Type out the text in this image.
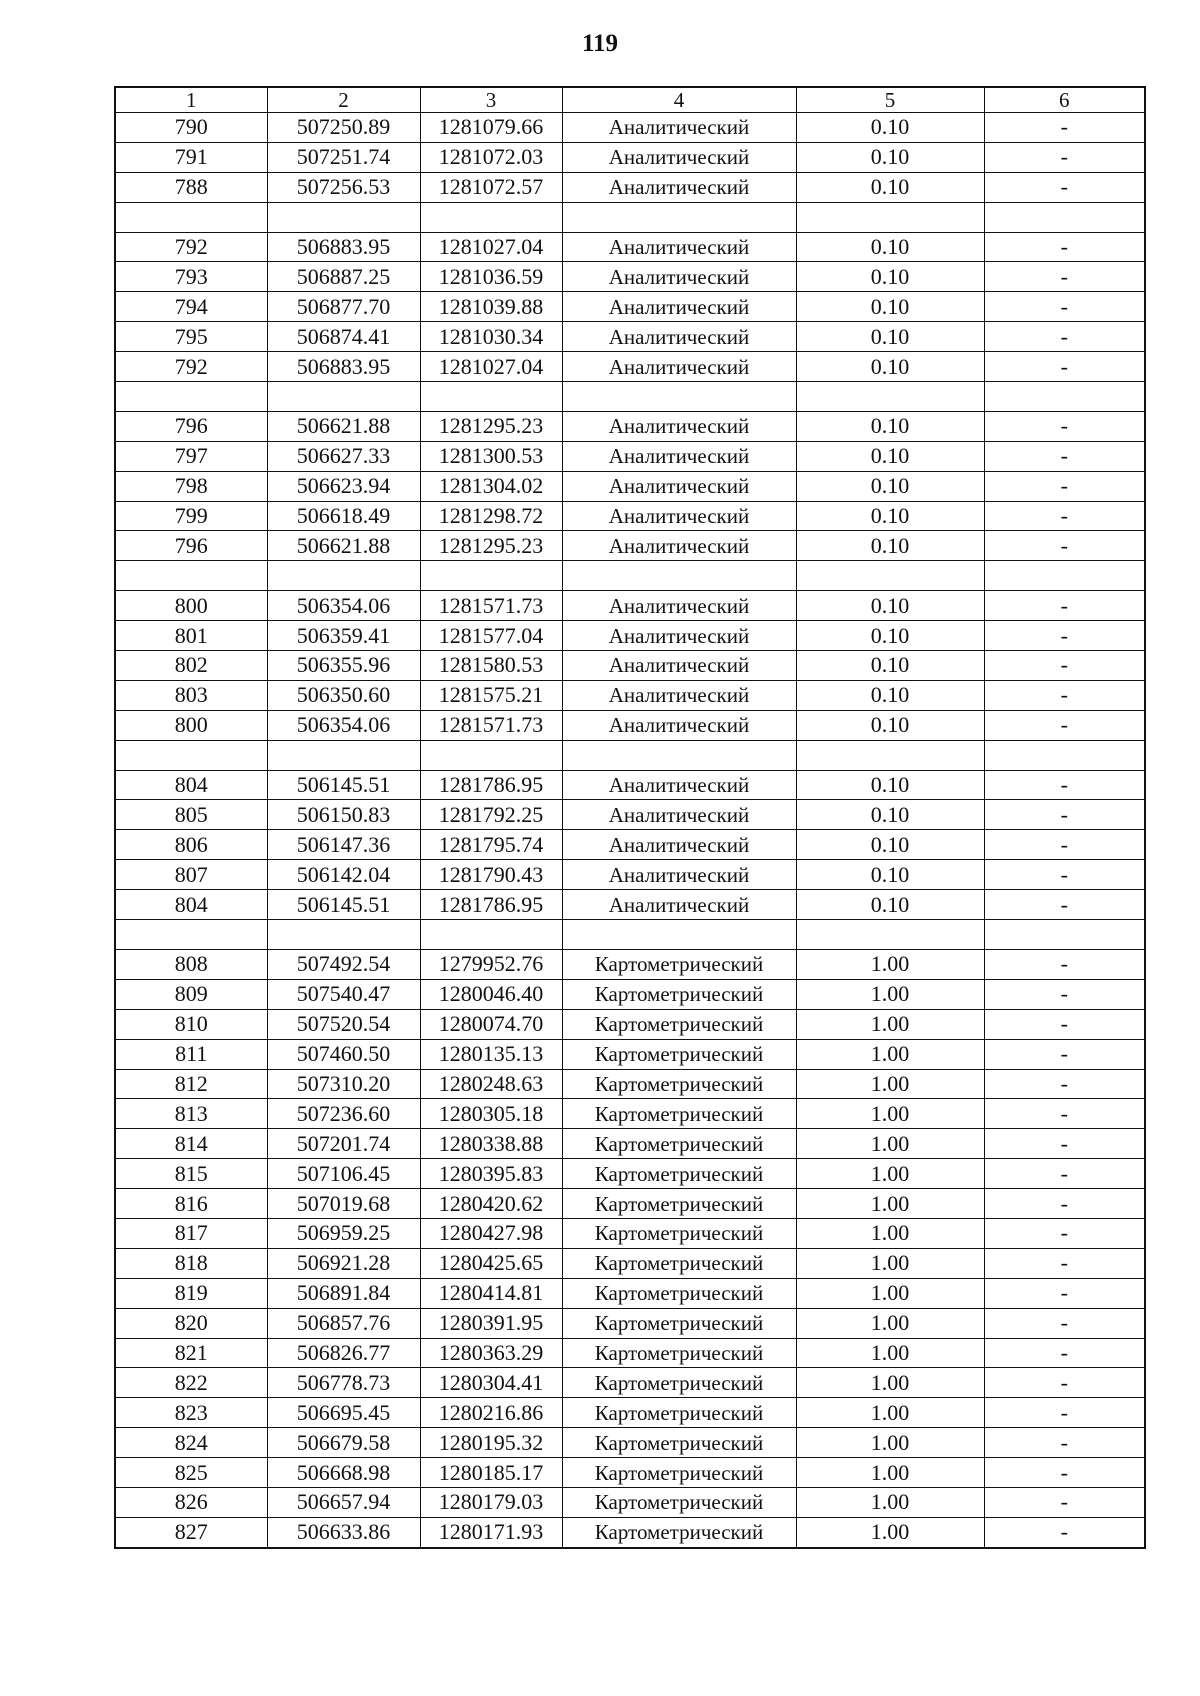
119
1	2	3	4	5	6
790	507250.89	1281079.66	Аналитический	0.10	-
791	507251.74	1281072.03	Аналитический	0.10	-
788	507256.53	1281072.57	Аналитический	0.10	-

792	506883.95	1281027.04	Аналитический	0.10	-
793	506887.25	1281036.59	Аналитический	0.10	-
794	506877.70	1281039.88	Аналитический	0.10	-
795	506874.41	1281030.34	Аналитический	0.10	-
792	506883.95	1281027.04	Аналитический	0.10	-

796	506621.88	1281295.23	Аналитический	0.10	-
797	506627.33	1281300.53	Аналитический	0.10	-
798	506623.94	1281304.02	Аналитический	0.10	-
799	506618.49	1281298.72	Аналитический	0.10	-
796	506621.88	1281295.23	Аналитический	0.10	-

800	506354.06	1281571.73	Аналитический	0.10	-
801	506359.41	1281577.04	Аналитический	0.10	-
802	506355.96	1281580.53	Аналитический	0.10	-
803	506350.60	1281575.21	Аналитический	0.10	-
800	506354.06	1281571.73	Аналитический	0.10	-

804	506145.51	1281786.95	Аналитический	0.10	-
805	506150.83	1281792.25	Аналитический	0.10	-
806	506147.36	1281795.74	Аналитический	0.10	-
807	506142.04	1281790.43	Аналитический	0.10	-
804	506145.51	1281786.95	Аналитический	0.10	-

808	507492.54	1279952.76	Картометрический	1.00	-
809	507540.47	1280046.40	Картометрический	1.00	-
810	507520.54	1280074.70	Картометрический	1.00	-
811	507460.50	1280135.13	Картометрический	1.00	-
812	507310.20	1280248.63	Картометрический	1.00	-
813	507236.60	1280305.18	Картометрический	1.00	-
814	507201.74	1280338.88	Картометрический	1.00	-
815	507106.45	1280395.83	Картометрический	1.00	-
816	507019.68	1280420.62	Картометрический	1.00	-
817	506959.25	1280427.98	Картометрический	1.00	-
818	506921.28	1280425.65	Картометрический	1.00	-
819	506891.84	1280414.81	Картометрический	1.00	-
820	506857.76	1280391.95	Картометрический	1.00	-
821	506826.77	1280363.29	Картометрический	1.00	-
822	506778.73	1280304.41	Картометрический	1.00	-
823	506695.45	1280216.86	Картометрический	1.00	-
824	506679.58	1280195.32	Картометрический	1.00	-
825	506668.98	1280185.17	Картометрический	1.00	-
826	506657.94	1280179.03	Картометрический	1.00	-
827	506633.86	1280171.93	Картометрический	1.00	-
